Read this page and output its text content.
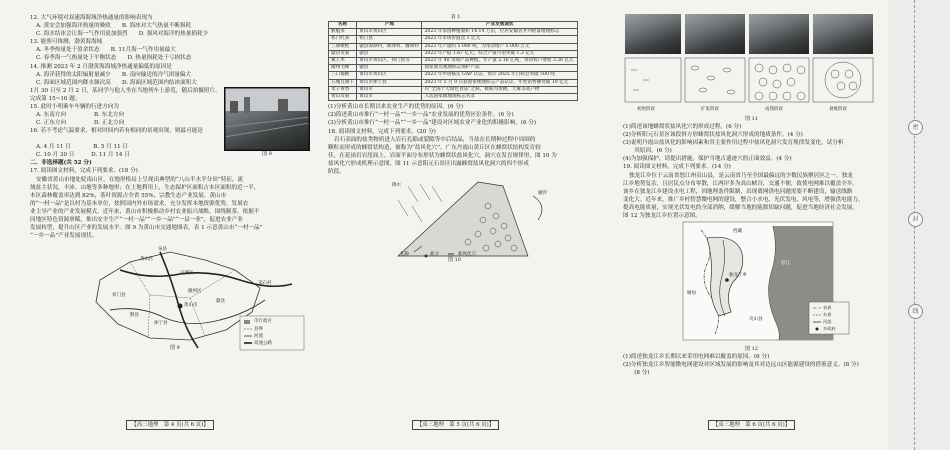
12. 大气环境对双速海海域净热通量的影响表现为
A. 黄安会加强海洋热量的吸收　　B. 海冰对大气热量不断损耗
C. 海水结冰会让海一气作用更加强烈　　D. 强风对海洋的热量损耗少
13. 能照可推测，渤黄海海域
A. 冬季热量处于盈余状态　　B. 11月海一气作用量最大
C. 春季海一气热量处于平衡状态　　D. 热量损耗处于亏损状态
14. 推测 2023 年 2 月渤黄海海域净热通量偏低的原因是
A. 海洋获得的太阳辐射量减少　　B. 南向输送的冷气团量偏大
C. 海面区域范围内降水频次高　　D. 海面区域范围内结冰面积大
1月 30 日至 2 月 2 日，某同学与他人坐在当地列车上游览，随后拍摄照片。完成第 15~16 题。
15. 此时小明乘车车辆的行进方向为
A. 东南方向　　　　　B. 东北方向
C. 正东方向　　　　　D. 正北方向
16. 若不考虑气温要求，相对时间内若有相同的景观出现，则最可能是
A. 4 月 11 日　　　　B. 5 月 11 日
C. 10 月 30 日　　　D. 11 月 14 日	图 8
二、非选择题(共 52 分)
17. 阅读图文材料，完成下列要求。(18 分)
安徽省黄山市地处皖南山区，在地形格局上呈现出典型的“八山半水半分田”特征，流
域盆主状况，丰沛、山地等多种地形；在土地利用上，生态保护区面积占本区面积的近一半，
本区森林覆盖率达到 82%，茶叶资源占全省 55%，宗教生态产业发展。黄山市
的“一村一品”是以村为基本单位，按照国内外市场需求，充分发挥本地资源优势，发展农
业主导产业的产业发展模式。近年来，黄山市积极推动乡村农业振兴战略，围绕制茶，依据不
同地区特色资源禀赋，推出安全生产“一村一品”“一乡一品”“一县一业”，促进农业产业
发展转型，提升山区产业的发展水平。图 9 为黄山市交通地图表，表 1 示意黄山市“一村一品”
“一乡一品”产业发展现状。
屯溪区
黄山区
徽州区
黄山市
歙县
休宁县
祁门县
黟县
泉县
采石村
市行政区
县界
河流
高速公路
图 9
【高三地理　第 4 页(共 6 页)】
表 1
名称	产地	产业发展现状
猴魁茶	黄山市黄山区	2023 年茶园种植面积 14.14 万亩，位居安徽省并列批量地理标志
祁门红茶	祁门县	2023 年市场价值达 1 亿元
三潭枇杷	歙县漳潭村、绵潭村、瀹潭村	2023 年产量约 5 000 吨，为带动增产 5 000 万元
歙县贡菊	歙县	2023 年产值 1.67 亿元，综合产值可望突破 1.3 亿元
翼王木	黄山市黄山区、祁门县等	2023 年 40 余项产品种植，年产量 2.16 亿吨，带动农户增收 3.26 亿元
徽州毛峰	歙县	国家重点地理标志保护产品
三口猕猴	黄山市黄山区	2023 年申请核定 GAP 认证，预计 2025 年目标会突破 500 吨
五城豆腐干	黄山市休宁县	2023 年 5 月 9 日获国家地理标志产品认证，年度销售额突破 10 亿元
米子黄香	黄山市	有“全国十大绿色食品”之称，被称为黄精、天麻等高产物
黄山贡菊	黄山市	入选国家级地理标志名录
(1)分析黄山市长期以来农业生产的优势的原因。(6 分)
(2)简述黄山市推行“一村一品”“一乡一品”农业发展的优势区位条件。(6 分)
(3)分析黄山市推行“一村一品”“一乡一品”建设对区域农业产业化的积极影响。(6 分)
18. 阅读图文材料，完成下列要求。(20 分)
岩石表面的盐类物质进入岩石孔隙或裂隙等中后结晶，当盐在长期种过程中周围的
颗粒而形成的蜂窝状构造，被称为“盐风化穴”。广东丹霞山黄丘区在蜂窝状结构发育较
佳，在花岗岩岩崖面上，岩面平面分布形状为蜂窝状盐风化穴，洞穴在发育规律里，图 10 为
盐风化穴形成机理示意图，图 11 示意阳元石景区出露蜂窝盐风化洞穴的四个形成
阶段。
潮汐
孔隙	盐分
降水
盐风化穴
图 10
【高三地理　第 5 页(共 6 页)】
初始阶段	扩张阶段	成熟阶段	衰败阶段
图 11
(1)简述该地蜂窝状盐风化穴的形成过程。(6 分)
(2)分析阳元石景区该段斜方形蜂窝状盐风化洞穴形成的地质条件。(4 分)
(3)说明丹霞山盐风化的影响因素和其主要作用过程中盐风化洞穴发育规律发变化，试分析
　　其原因。(6 分)
(4)为加强保护，请提出措施，保护当地古遗迹穴的正面效益。(4 分)
19. 阅读图文材料，完成下列要求。(14 分)
独龙江乡位于云南省怒江州贡山县，是云南省乃至全国最偏远的少数民族聚居区之一。独龙
江乡地势复杂，且居民点分布零散，江两岸多为高山峡谷，交通不便，致使电网难以覆盖全乡。
该乡在独龙江乡建设水电工程，因地理条件限制，出现离网供电问题需要不断建设，输送线路
变化大。近年来，推广乡村智慧微电网的建设，整合小水电、光伏发电、风电等，增强供电能力，
提高电能质量，实现光伏发电的全部消纳，缓解当地的能源短缺问题，促进当地经济社会发展。
图 12 为独龙江乡位置示意图。
省界
乡界
河流
乡政府
独龙江乡
缅甸
贡山县
西藏
怒江
图 12
(1)简述独龙江乡长期以来采用电网难以覆盖的原因。(6 分)
(2)分析独龙江乡智能微电网建设对区域发展的影响及其对边远山区能源建设的借鉴意义。(8 分)
　　(8 分)
【高三地理　第 6 页(共 6 页)】
密
封
线
